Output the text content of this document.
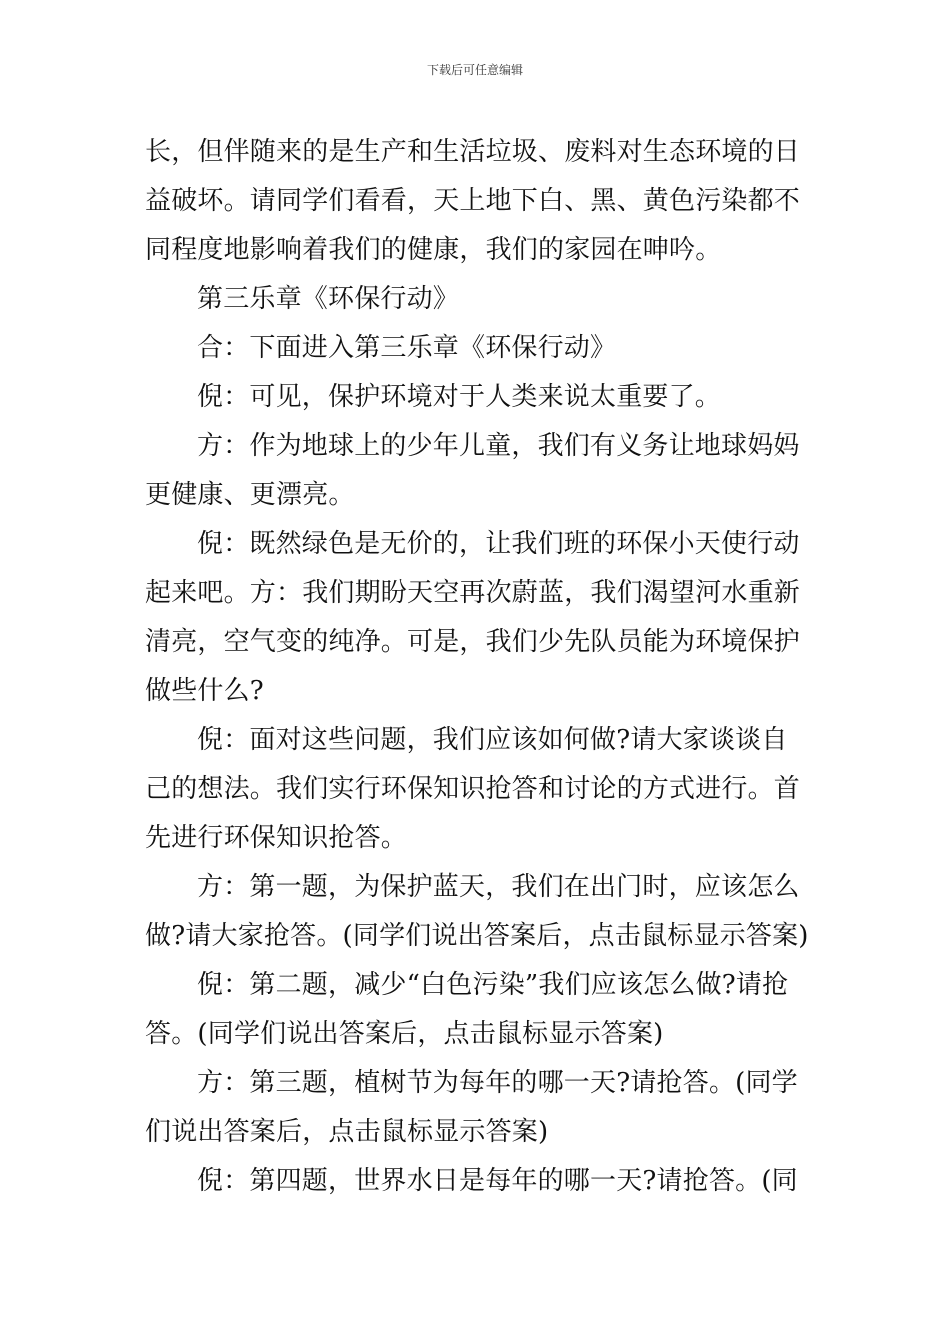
下载后可任意编辑

长，但伴随来的是生产和生活垃圾、废料对生态环境的日益破坏。请同学们看看，天上地下白、黑、黄色污染都不同程度地影响着我们的健康，我们的家园在呻吟。

第三乐章《环保行动》

合：下面进入第三乐章《环保行动》

倪：可见，保护环境对于人类来说太重要了。

方：作为地球上的少年儿童，我们有义务让地球妈妈更健康、更漂亮。

倪：既然绿色是无价的，让我们班的环保小天使行动起来吧。方：我们期盼天空再次蔚蓝，我们渴望河水重新清亮，空气变的纯净。可是，我们少先队员能为环境保护做些什么?

倪：面对这些问题，我们应该如何做?请大家谈谈自己的想法。我们实行环保知识抢答和讨论的方式进行。首先进行环保知识抢答。

方：第一题，为保护蓝天，我们在出门时，应该怎么做?请大家抢答。(同学们说出答案后，点击鼠标显示答案)

倪：第二题，减少“白色污染”我们应该怎么做?请抢答。(同学们说出答案后，点击鼠标显示答案)

方：第三题，植树节为每年的哪一天?请抢答。(同学们说出答案后，点击鼠标显示答案)

倪：第四题，世界水日是每年的哪一天?请抢答。(同
